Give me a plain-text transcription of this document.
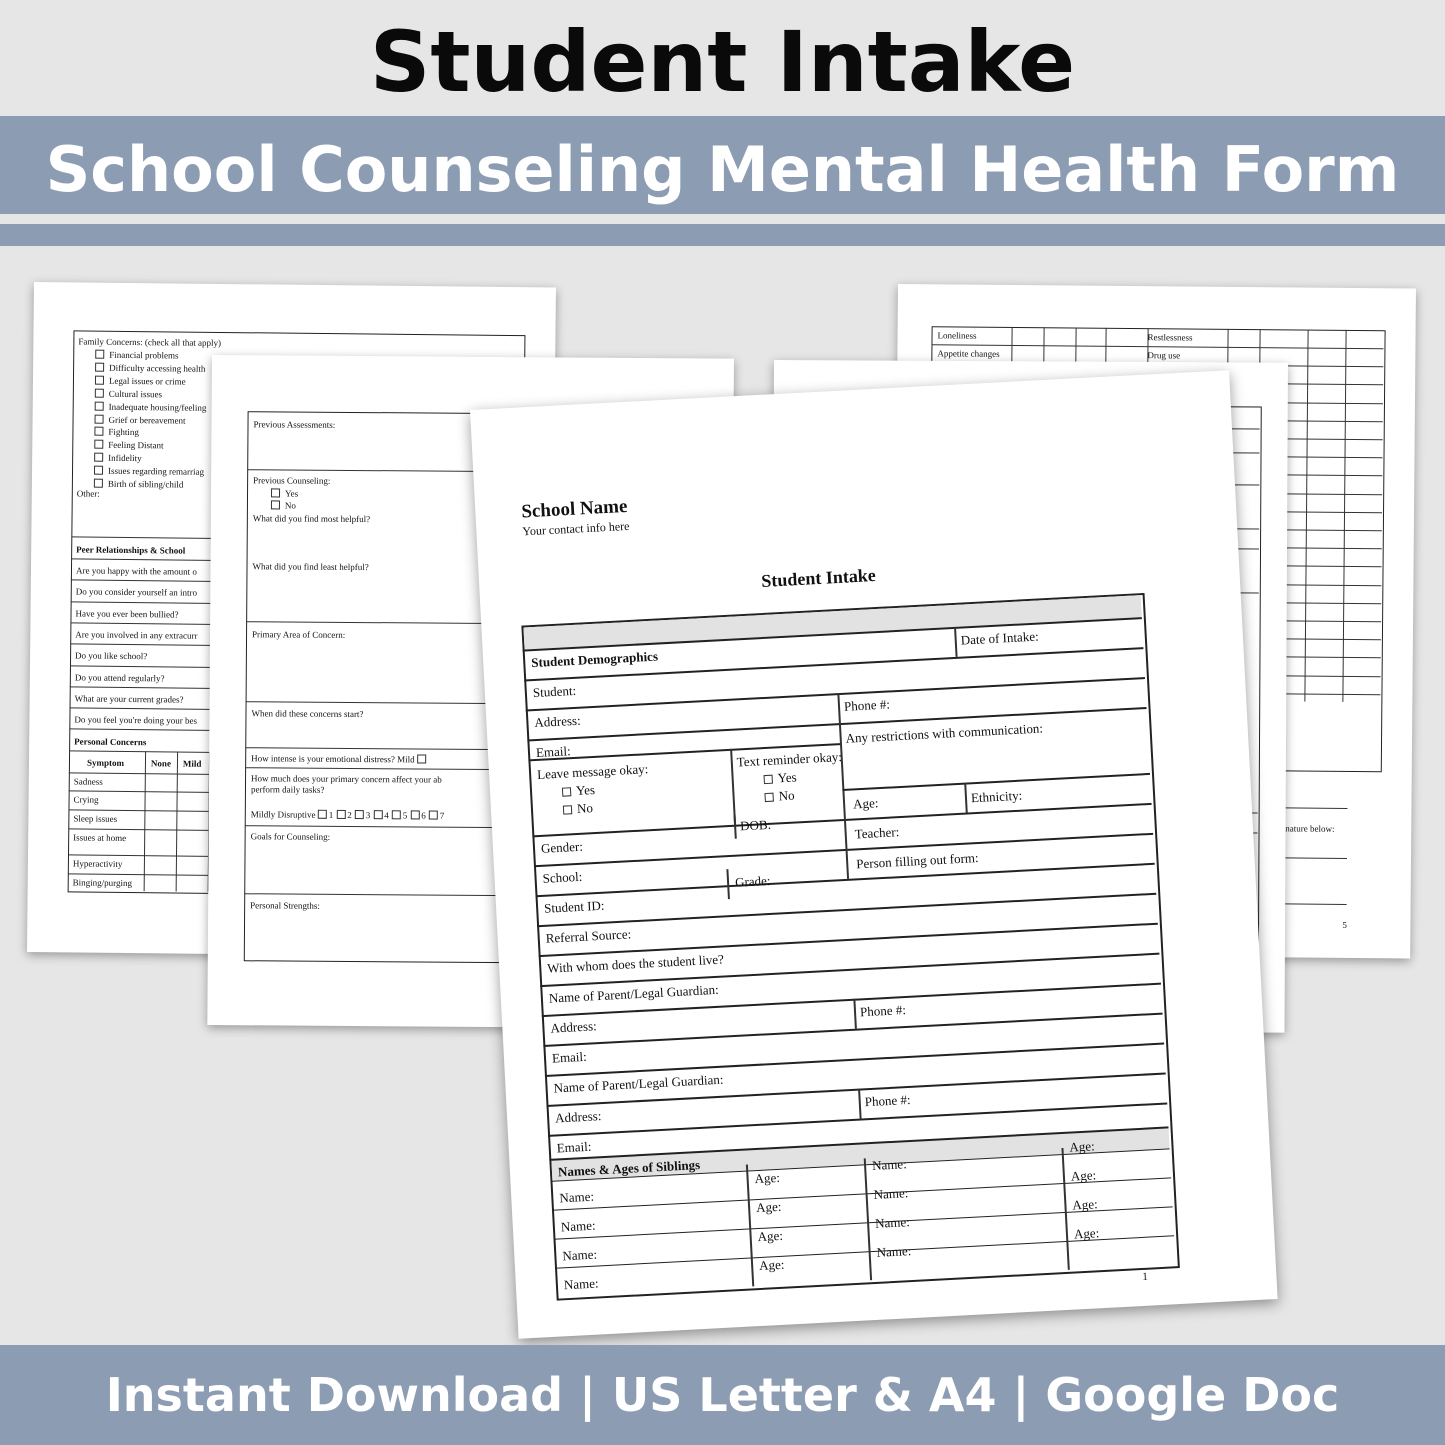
Student Intake
School Counseling Mental Health Form
Family Concerns: (check all that apply)
Other:
Peer Relationships & School
Personal Concerns
Symptom	None Mild
Financial problems
Difficulty accessing health
Legal issues or crime
Cultural issues
Inadequate housing/feeling
Grief or bereavement
Fighting
Feeling Distant
Infidelity
Issues regarding remarriag
Birth of sibling/child
Are you happy with the amount o
Do you consider yourself an intro
Have you ever been bullied?
Are you involved in any extracurr
Do you like school?
Do you attend regularly?
What are your current grades?
Do you feel you're doing your bes
Sadness
Crying
Sleep issues
Issues at home
Hyperactivity
Binging/purging
Previous Assessments:
Previous Counseling:
Yes
No
What did you find most helpful?
What did you find least helpful?
Primary Area of Concern:
When did these concerns start?
How intense is your emotional distress? Mild
How much does your primary concern affect your ab
perform daily tasks?
Mildly Disruptive 1 2 3 4 5 6 7
Goals for Counseling:
Personal Strengths:
Loneliness
Appetite changes
Restlessness
Drug use
nature below:
5
School Name
Your contact info here
Student Intake
Student Demographics
Date of Intake:
Student:
Address:
Phone #:
Email:
Leave message okay:
Yes
No
Text reminder okay:
Yes
No
Any restrictions with communication:
Gender:
DOB:
Age:	Ethnicity:
Teacher:
School:
Person filling out form:
Student ID:
Grade:
Referral Source:
With whom does the student live?
Name of Parent/Legal Guardian:
Address:
Phone #:
Email:
Name of Parent/Legal Guardian:
Address:
Phone #:
Email:
Names & Ages of Siblings
1
Name:
Age:
Name:
Age:
Name:
Age:
Name:
Age:
Name:
Age:
Name:
Age:
Name:
Age:
Name:
Age:
Instant Download | US Letter & A4 | Google Doc
